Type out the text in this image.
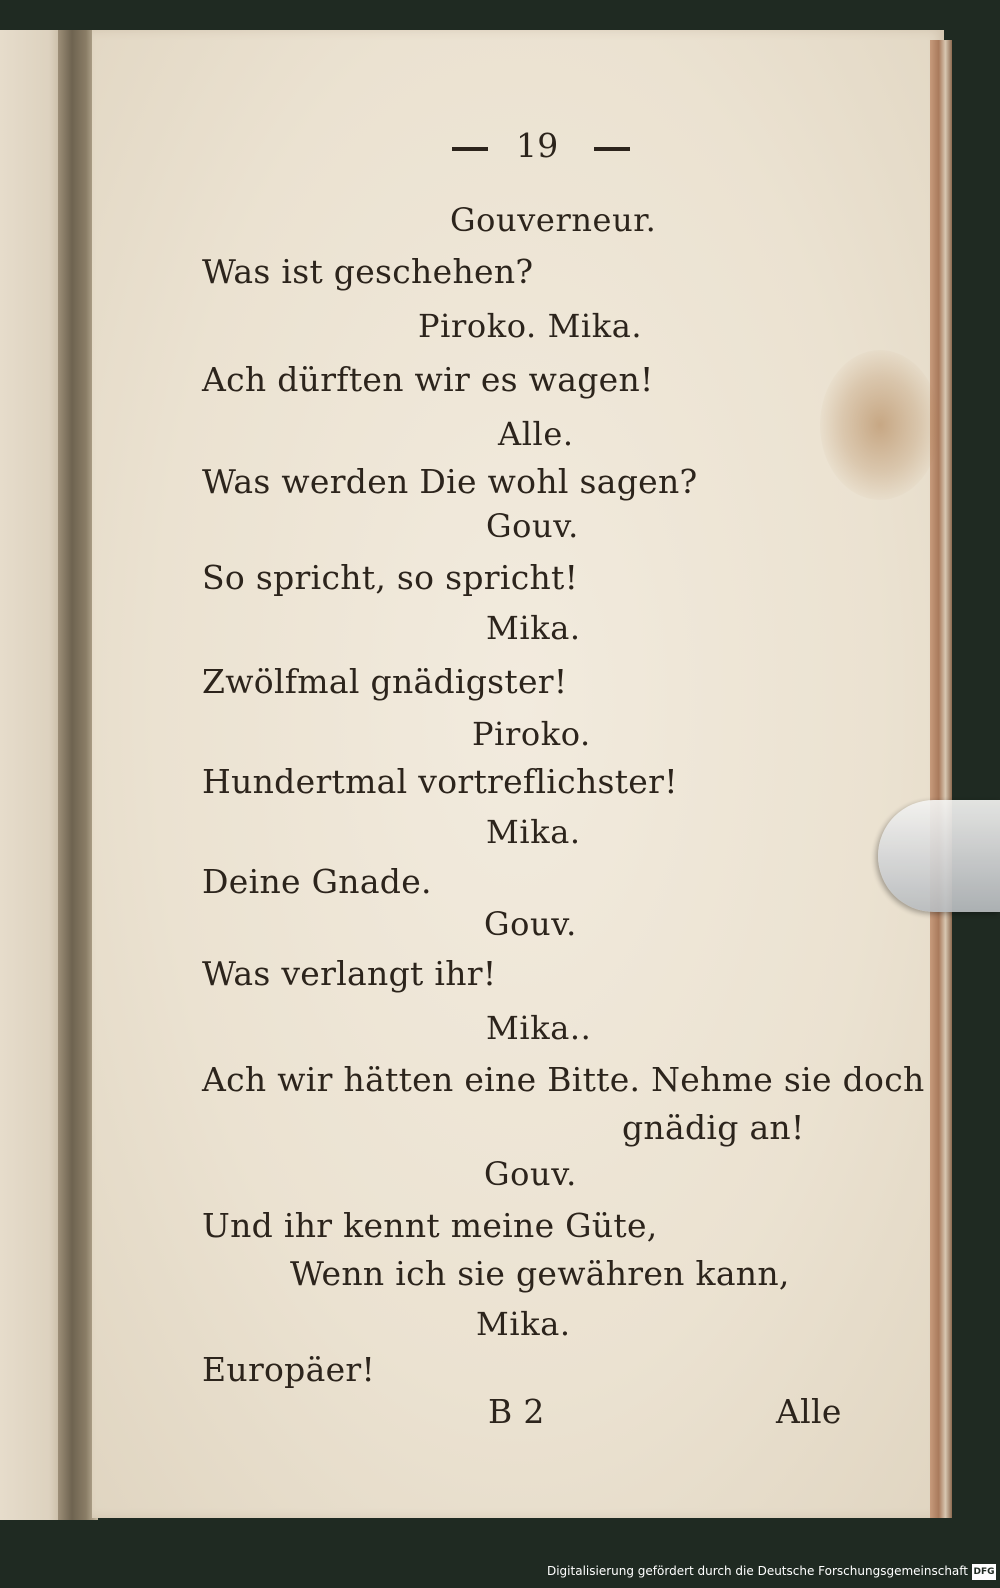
19
Gouverneur.
Was ist geschehen?
Piroko. Mika.
Ach dürften wir es wagen!
Alle.
Was werden Die wohl sagen?
Gouv.
So spricht, so spricht!
Mika.
Zwölfmal gnädigster!
Piroko.
Hundertmal vortreflichster!
Mika.
Deine Gnade.
Gouv.
Was verlangt ihr!
Mika..
Ach wir hätten eine Bitte. Nehme sie doch
gnädig an!
Gouv.
Und ihr kennt meine Güte,
Wenn ich sie gewähren kann,
Mika.
Europäer!
B 2	Alle
Digitalisierung gefördert durch die Deutsche Forschungsgemeinschaft DFG
